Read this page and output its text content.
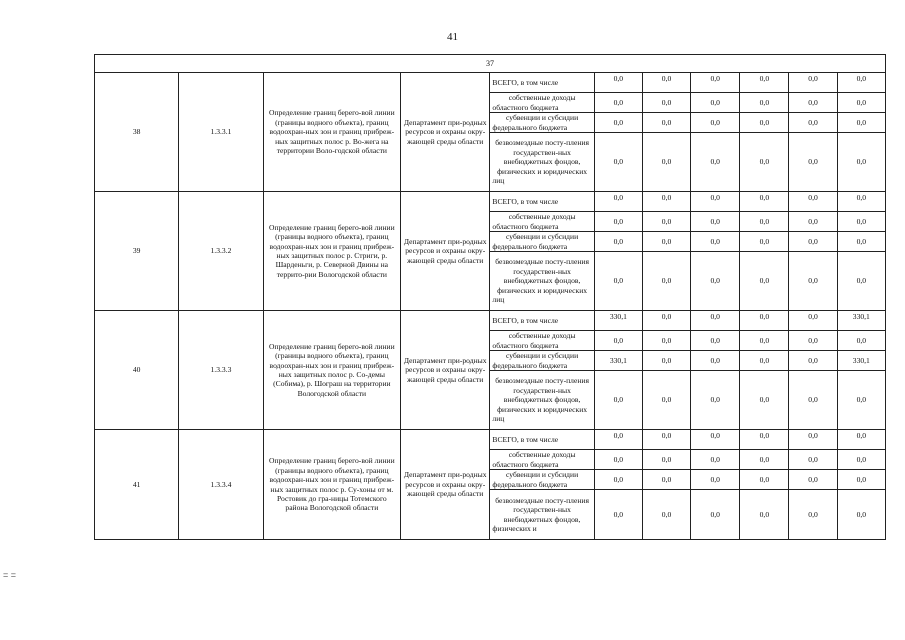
41
= =
37										
38	1.3.3.1	Определение границ берего-вой линии (границы водного объекта), границ водоохран-ных зон и границ прибреж-ных защитных полос р. Во-жега на территории Воло-годской области	Департамент при-родных ресурсов и охраны окру-жающей среды области	ВСЕГО, в том числе	0,0	0,0	0,0	0,0	0,0	0,0
				собственные доходы областного бюджета	0,0	0,0	0,0	0,0	0,0	0,0
				субвенции и субсидии федерального бюджета	0,0	0,0	0,0	0,0	0,0	0,0
				безвозмездные посту-пления государствен-ных внебюджетных фондов, физических и юридических лиц	0,0	0,0	0,0	0,0	0,0	0,0
39	1.3.3.2	Определение границ берего-вой линии (границы водного объекта), границ водоохран-ных зон и границ прибреж-ных защитных полос р. Стриги, р. Шарденьги, р. Северной Двины на террито-рии Вологодской области	Департамент при-родных ресурсов и охраны окру-жающей среды области	ВСЕГО, в том числе	0,0	0,0	0,0	0,0	0,0	0,0
				собственные доходы областного бюджета	0,0	0,0	0,0	0,0	0,0	0,0
				субвенции и субсидии федерального бюджета	0,0	0,0	0,0	0,0	0,0	0,0
				безвозмездные посту-пления государствен-ных внебюджетных фондов, физических и юридических лиц	0,0	0,0	0,0	0,0	0,0	0,0
40	1.3.3.3	Определение границ берего-вой линии (границы водного объекта), границ водоохран-ных зон и границ прибреж-ных защитных полос р. Со-демы (Собима), р. Шограш на территории Вологодской области	Департамент при-родных ресурсов и охраны окру-жающей среды области	ВСЕГО, в том числе	330,1	0,0	0,0	0,0	0,0	330,1
				собственные доходы областного бюджета	0,0	0,0	0,0	0,0	0,0	0,0
				субвенции и субсидии федерального бюджета	330,1	0,0	0,0	0,0	0,0	330,1
				безвозмездные посту-пления государствен-ных внебюджетных фондов, физических и юридических лиц	0,0	0,0	0,0	0,0	0,0	0,0
41	1.3.3.4	Определение границ берего-вой линии (границы водного объекта), границ водоохран-ных зон и границ прибреж-ных защитных полос р. Су-хоны от м. Ростовик до гра-ницы Тотемского района Вологодской области	Департамент при-родных ресурсов и охраны окру-жающей среды области	ВСЕГО, в том числе	0,0	0,0	0,0	0,0	0,0	0,0
				собственные доходы областного бюджета	0,0	0,0	0,0	0,0	0,0	0,0
				субвенции и субсидии федерального бюджета	0,0	0,0	0,0	0,0	0,0	0,0
				безвозмездные посту-пления государствен-ных внебюджетных фондов, физических и	0,0	0,0	0,0	0,0	0,0	0,0
